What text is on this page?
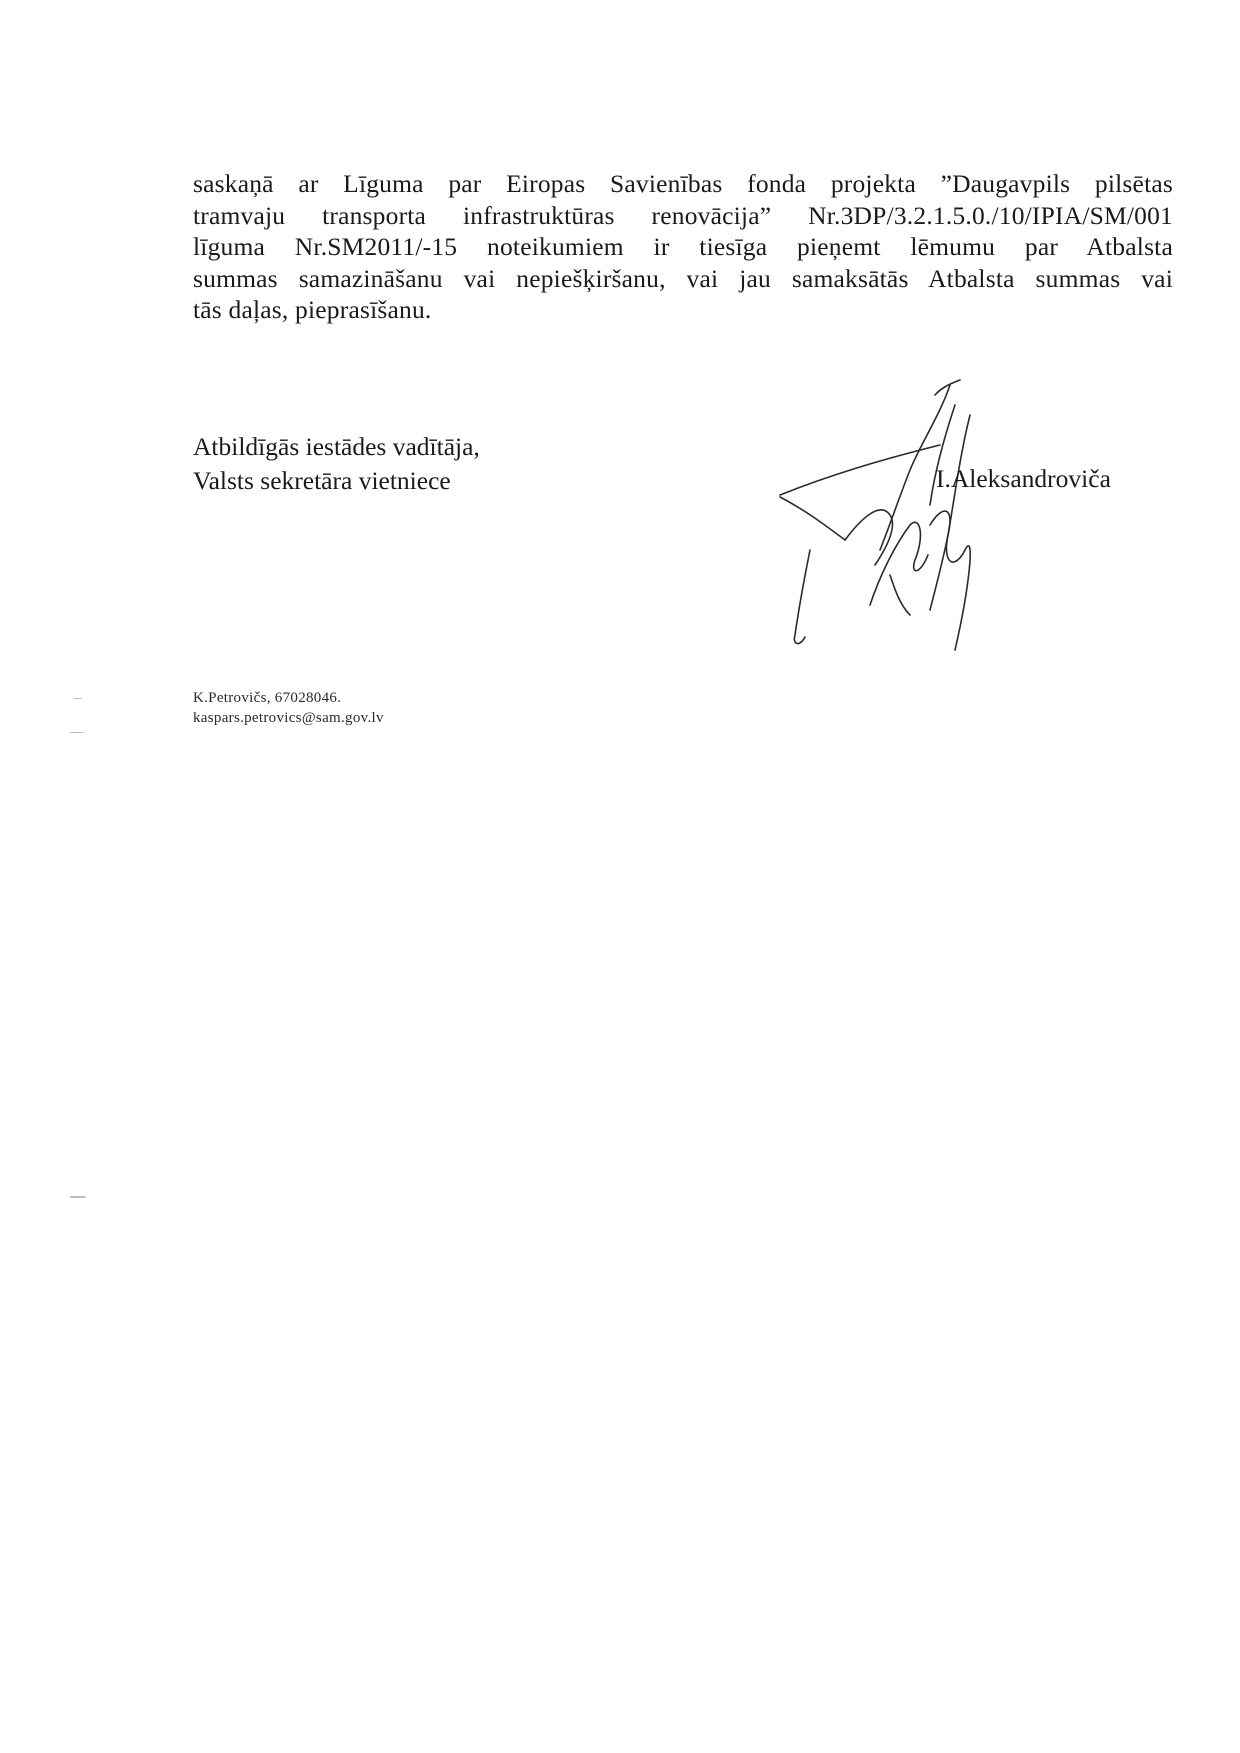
saskaņā ar Līguma par Eiropas Savienības fonda projekta ”Daugavpils pilsētas
tramvaju transporta infrastruktūras renovācija” Nr.3DP/3.2.1.5.0./10/IPIA/SM/001
līguma Nr.SM2011/-15 noteikumiem ir tiesīga pieņemt lēmumu par Atbalsta
summas samazināšanu vai nepiešķiršanu, vai jau samaksātās Atbalsta summas vai
tās daļas, pieprasīšanu.
Atbildīgās iestādes vadītāja,
Valsts sekretāra vietniece	I.Aleksandroviča
K.Petrovičs, 67028046.
kaspars.petrovics@sam.gov.lv
